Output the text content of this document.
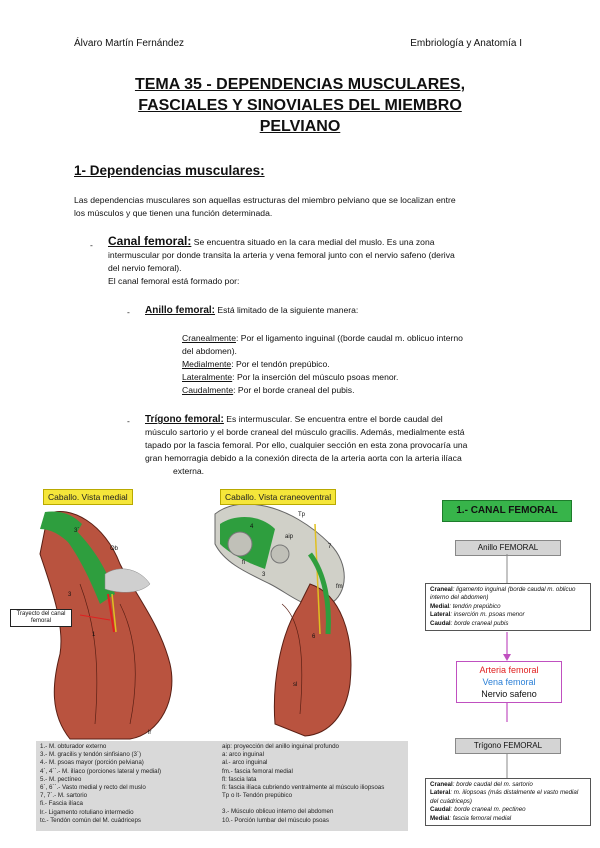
Álvaro Martín Fernández	Embriología y Anatomía I
TEMA 35 - DEPENDENCIAS MUSCULARES,
FASCIALES Y SINOVIALES DEL MIEMBRO
PELVIANO
1- Dependencias musculares:
Las dependencias musculares son aquellas estructuras del miembro pelviano que se localizan entre
los músculos y que tienen una función determinada.
- Canal femoral: Se encuentra situado en la cara medial del muslo. Es una zona
intermuscular por donde transita la arteria y vena femoral junto con el nervio safeno (deriva
del nervio femoral).
El canal femoral está formado por:
- Anillo femoral: Está limitado de la siguiente manera:
Cranealmente: Por el ligamento inguinal ((borde caudal m. oblicuo interno
del abdomen).
Medialmente: Por el tendón prepúbico.
Lateralmente: Por la inserción del músculo psoas menor.
Caudalmente: Por el borde craneal del pubis.
- Trígono femoral: Es intermuscular. Se encuentra entre el borde caudal del
músculo sartorio y el borde craneal del músculo gracilis. Además, medialmente está
tapado por la fascia femoral. Por ello, cualquier sección en esta zona provocaría una
gran hemorragia debido a la conexión directa de la arteria aorta con la arteria ilíaca
externa.
Caballo. Vista medial	Caballo. Vista craneoventral
Trayecto del canal femoral
Ob
3´
3
1
aip
7
3
fm
6
Tp
4
fi
sl
lr
1.- M. obturador externo
3.- M. gracilis y tendón sinfisiano (3´)
4.- M. psoas mayor (porción pelviana)
4´, 4´´.- M. ilíaco (porciones lateral y medial)
5.- M. pectíneo
6´, 6´´.- Vasto medial y recto del muslo
7, 7´.- M. sartorio
fi.- Fascia ilíaca
lr.- Ligamento rotuliano intermedio
tc.- Tendón común del M. cuádriceps
aip: proyección del anillo inguinal profundo
a: arco inguinal
al.- arco inguinal
fm.- fascia femoral medial
fl: fascia lata
fi: fascia ilíaca cubriendo ventralmente al músculo iliopsoas
Tp o lt- Tendón prepúbico
3.- Músculo oblicuo interno del abdomen
10.- Porción lumbar del músculo psoas
1.- CANAL FEMORAL
Anillo FEMORAL
Craneal: ligamento inguinal (borde caudal m. oblicuo interno del abdomen)
Medial: tendón prepúbico
Lateral: inserción m. psoas menor
Caudal: borde craneal pubis
Arteria femoral
Vena femoral
Nervio safeno
Trígono FEMORAL
Craneal: borde caudal del m. sartorio
Lateral: m. iliopsoas (más distalmente el vasto medial del cuádriceps)
Caudal: borde craneal m. pectineo
Medial: fascia femoral medial
